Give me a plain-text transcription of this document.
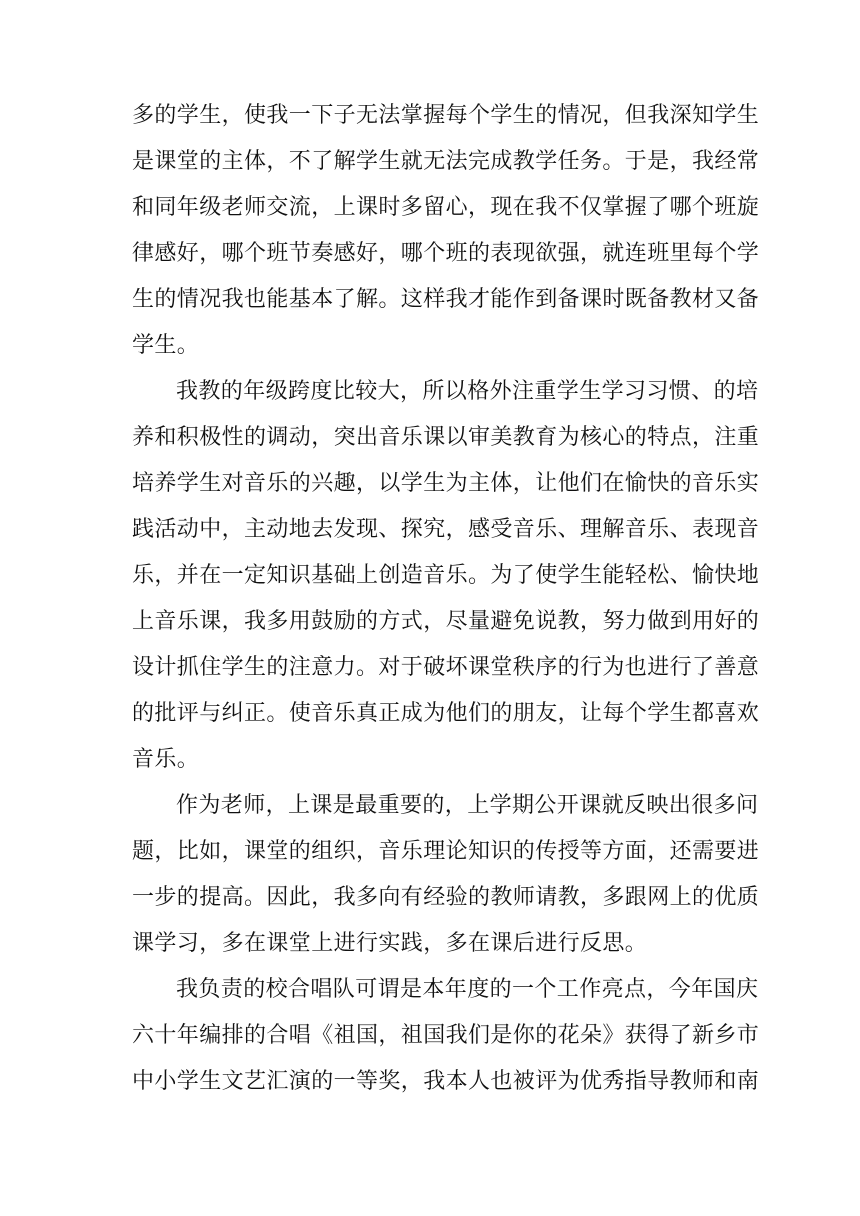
多的学生，使我一下子无法掌握每个学生的情况，但我深知学生
是课堂的主体，不了解学生就无法完成教学任务。于是，我经常
和同年级老师交流，上课时多留心，现在我不仅掌握了哪个班旋
律感好，哪个班节奏感好，哪个班的表现欲强，就连班里每个学
生的情况我也能基本了解。这样我才能作到备课时既备教材又备
学生。
我教的年级跨度比较大，所以格外注重学生学习习惯、的培
养和积极性的调动，突出音乐课以审美教育为核心的特点，注重
培养学生对音乐的兴趣，以学生为主体，让他们在愉快的音乐实
践活动中，主动地去发现、探究，感受音乐、理解音乐、表现音
乐，并在一定知识基础上创造音乐。为了使学生能轻松、愉快地
上音乐课，我多用鼓励的方式，尽量避免说教，努力做到用好的
设计抓住学生的注意力。对于破坏课堂秩序的行为也进行了善意
的批评与纠正。使音乐真正成为他们的朋友，让每个学生都喜欢
音乐。
作为老师，上课是最重要的，上学期公开课就反映出很多问
题，比如，课堂的组织，音乐理论知识的传授等方面，还需要进
一步的提高。因此，我多向有经验的教师请教，多跟网上的优质
课学习，多在课堂上进行实践，多在课后进行反思。
我负责的校合唱队可谓是本年度的一个工作亮点，今年国庆
六十年编排的合唱《祖国，祖国我们是你的花朵》获得了新乡市
中小学生文艺汇演的一等奖，我本人也被评为优秀指导教师和南
